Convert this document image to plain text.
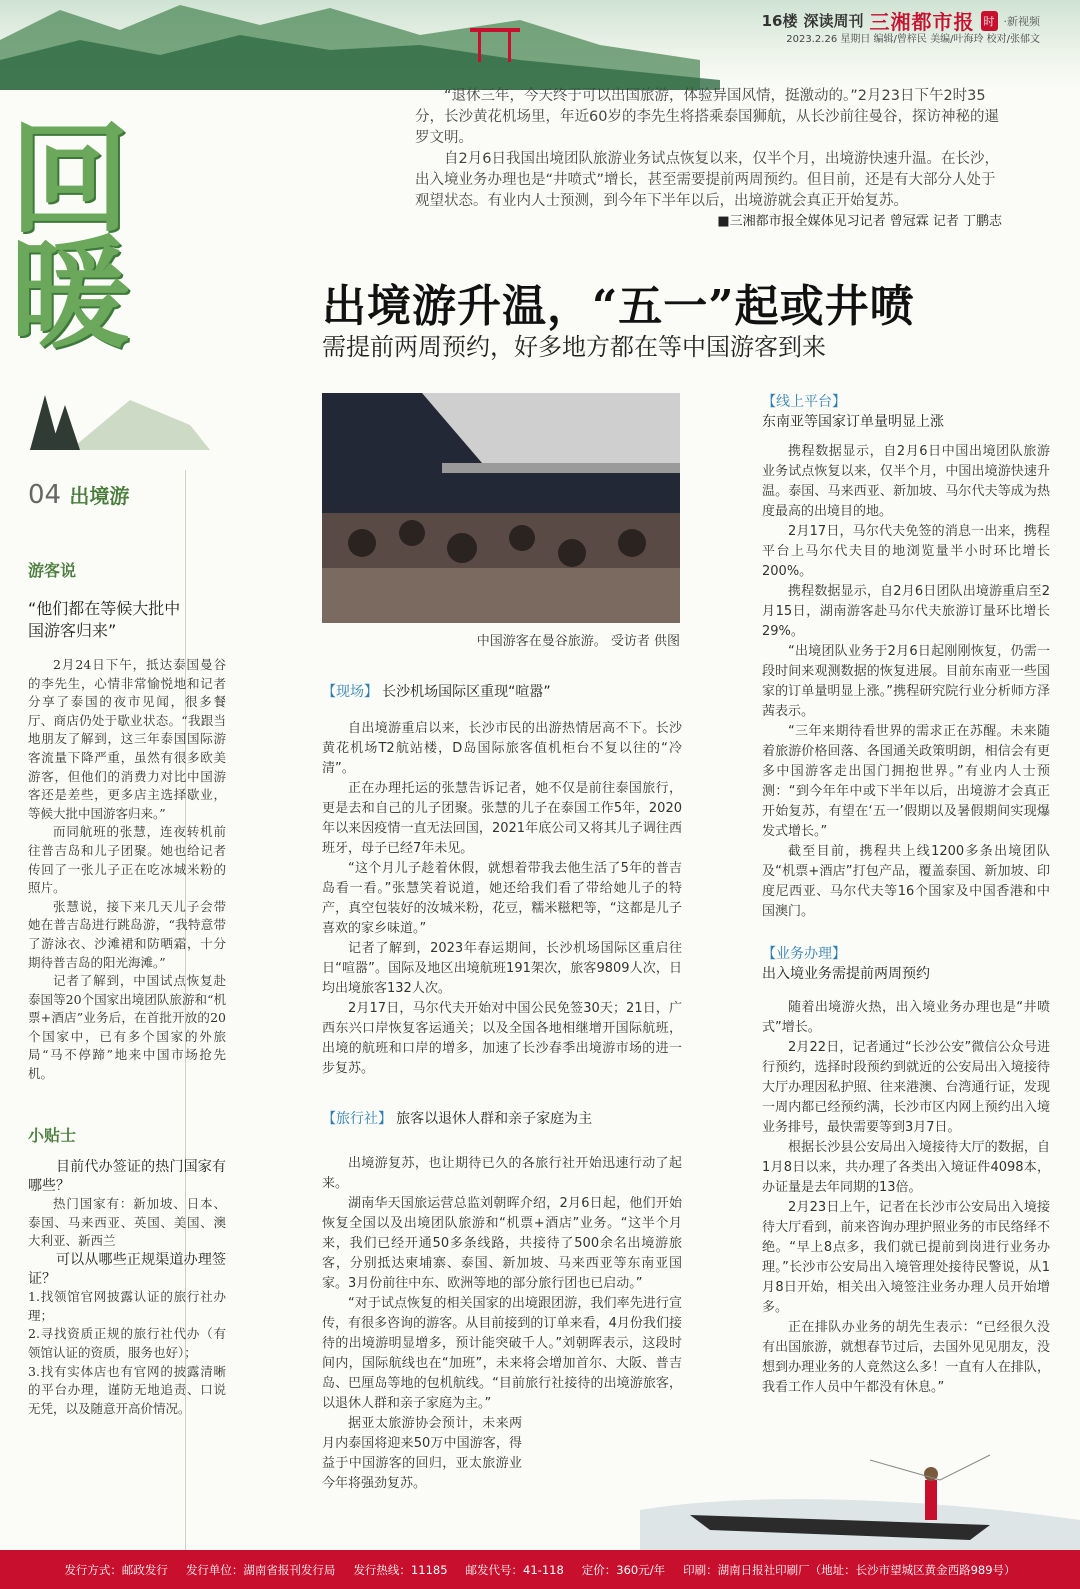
16楼 深读周刊 三湘都市报 时 ·新视频
2023.2.26 星期日 编辑/曾梓民 美编/叶海玲 校对/张郁文
回
暖

“退休三年，今天终于可以出国旅游，体验异国风情，挺激动的。”2月23日下午2时35分，长沙黄花机场里，年近60岁的李先生将搭乘泰国狮航，从长沙前往曼谷，探访神秘的暹罗文明。

自2月6日我国出境团队旅游业务试点恢复以来，仅半个月，出境游快速升温。在长沙，出入境业务办理也是“井喷式”增长，甚至需要提前两周预约。但目前，还是有大部分人处于观望状态。有业内人士预测，到今年下半年以后，出境游就会真正开始复苏。

■三湘都市报全媒体见习记者 曾冠霖 记者 丁鹏志
出境游升温，“五一”起或井喷
需提前两周预约，好多地方都在等中国游客到来
04 出境游
游客说
“他们都在等候大批中国游客归来”

2月24日下午，抵达泰国曼谷的李先生，心情非常愉悦地和记者分享了泰国的夜市见闻，很多餐厅、商店仍处于歇业状态。“我跟当地朋友了解到，这三年泰国国际游客流量下降严重，虽然有很多欧美游客，但他们的消费力对比中国游客还是差些，更多店主选择歇业，等候大批中国游客归来。”

而同航班的张慧，连夜转机前往普吉岛和儿子团聚。她也给记者传回了一张儿子正在吃冰城米粉的照片。

张慧说，接下来几天儿子会带她在普吉岛进行跳岛游，“我特意带了游泳衣、沙滩裙和防晒霜，十分期待普吉岛的阳光海滩。”

记者了解到，中国试点恢复赴泰国等20个国家出境团队旅游和“机票+酒店”业务后，在首批开放的20个国家中，已有多个国家的外旅局“马不停蹄”地来中国市场抢先机。

小贴士

目前代办签证的热门国家有哪些？

热门国家有：新加坡、日本、泰国、马来西亚、英国、美国、澳大利亚、新西兰

可以从哪些正规渠道办理签证？

1.找领馆官网披露认证的旅行社办理；
2.寻找资质正规的旅行社代办（有领馆认证的资质，服务也好）；
3.找有实体店也有官网的披露清晰的平台办理，谨防无地追责、口说无凭，以及随意开高价情况。

中国游客在曼谷旅游。 受访者 供图
【现场】 长沙机场国际区重现“喧嚣”

自出境游重启以来，长沙市民的出游热情居高不下。长沙黄花机场T2航站楼，D岛国际旅客值机柜台不复以往的“冷清”。

正在办理托运的张慧告诉记者，她不仅是前往泰国旅行，更是去和自己的儿子团聚。张慧的儿子在泰国工作5年，2020年以来因疫情一直无法回国，2021年底公司又将其儿子调往西班牙，母子已经7年未见。

“这个月儿子趁着休假，就想着带我去他生活了5年的普吉岛看一看。”张慧笑着说道，她还给我们看了带给她儿子的特产，真空包装好的汝城米粉，花豆，糯米糍粑等，“这都是儿子喜欢的家乡味道。”

记者了解到，2023年春运期间，长沙机场国际区重启往日“喧嚣”。国际及地区出境航班191架次，旅客9809人次，日均出境旅客132人次。

2月17日，马尔代夫开始对中国公民免签30天；21日，广西东兴口岸恢复客运通关；以及全国各地相继增开国际航班，出境的航班和口岸的增多，加速了长沙春季出境游市场的进一步复苏。

【旅行社】 旅客以退休人群和亲子家庭为主

出境游复苏，也让期待已久的各旅行社开始迅速行动了起来。

湖南华天国旅运营总监刘朝晖介绍，2月6日起，他们开始恢复全国以及出境团队旅游和“机票+酒店”业务。“这半个月来，我们已经开通50多条线路，共接待了500余名出境游旅客，分别抵达柬埔寨、泰国、新加坡、马来西亚等东南亚国家。3月份前往中东、欧洲等地的部分旅行团也已启动。”

“对于试点恢复的相关国家的出境跟团游，我们率先进行宣传，有很多咨询的游客。从目前接到的订单来看，4月份我们接待的出境游明显增多，预计能突破千人。”刘朝晖表示，这段时间内，国际航线也在“加班”，未来将会增加首尔、大阪、普吉岛、巴厘岛等地的包机航线。“目前旅行社接待的出境游旅客，以退休人群和亲子家庭为主。”

据亚太旅游协会预计，未来两月内泰国将迎来50万中国游客，得益于中国游客的回归，亚太旅游业今年将强劲复苏。

【线上平台】
东南亚等国家订单量明显上涨

携程数据显示，自2月6日中国出境团队旅游业务试点恢复以来，仅半个月，中国出境游快速升温。泰国、马来西亚、新加坡、马尔代夫等成为热度最高的出境目的地。

2月17日，马尔代夫免签的消息一出来，携程平台上马尔代夫目的地浏览量半小时环比增长200%。

携程数据显示，自2月6日团队出境游重启至2月15日，湖南游客赴马尔代夫旅游订量环比增长29%。

“出境团队业务于2月6日起刚刚恢复，仍需一段时间来观测数据的恢复进展。目前东南亚一些国家的订单量明显上涨。”携程研究院行业分析师方泽茜表示。

“三年来期待看世界的需求正在苏醒。未来随着旅游价格回落、各国通关政策明朗，相信会有更多中国游客走出国门拥抱世界。”有业内人士预测：“到今年年中或下半年以后，出境游才会真正开始复苏，有望在‘五一’假期以及暑假期间实现爆发式增长。”

截至目前，携程共上线1200多条出境团队及“机票+酒店”打包产品，覆盖泰国、新加坡、印度尼西亚、马尔代夫等16个国家及中国香港和中国澳门。

【业务办理】
出入境业务需提前两周预约

随着出境游火热，出入境业务办理也是“井喷式”增长。

2月22日，记者通过“长沙公安”微信公众号进行预约，选择时段预约到就近的公安局出入境接待大厅办理因私护照、往来港澳、台湾通行证，发现一周内都已经预约满，长沙市区内网上预约出入境业务排号，最快需要等到3月7日。

根据长沙县公安局出入境接待大厅的数据，自1月8日以来，共办理了各类出入境证件4098本，办证量是去年同期的13倍。

2月23日上午，记者在长沙市公安局出入境接待大厅看到，前来咨询办理护照业务的市民络绎不绝。“早上8点多，我们就已提前到岗进行业务办理。”长沙市公安局出入境管理处接待民警说，从1月8日开始，相关出入境签注业务办理人员开始增多。

正在排队办业务的胡先生表示：“已经很久没有出国旅游，就想春节过后，去国外见见朋友，没想到办理业务的人竟然这么多！一直有人在排队，我看工作人员中午都没有休息。”

发行方式：邮政发行 发行单位：湖南省报刊发行局 发行热线：11185 邮发代号：41-118 定价：360元/年 印刷：湖南日报社印刷厂（地址：长沙市望城区黄金西路989号）
